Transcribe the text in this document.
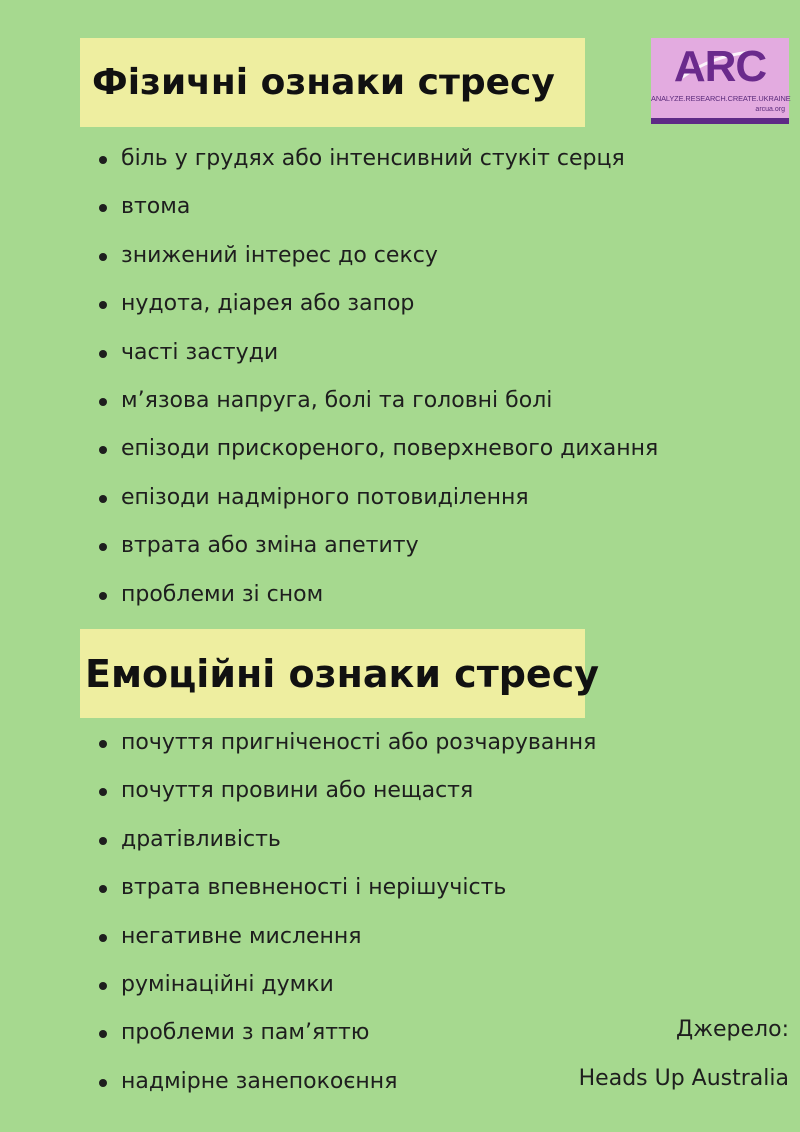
ARC
ANALYZE.RESEARCH.CREATE.UKRAINE
arcua.org
Фізичні ознаки стресу
біль у грудях або інтенсивний стукіт серця
втома
знижений інтерес до сексу
нудота, діарея або запор
часті застуди
м’язова напруга, болі та головні болі
епізоди прискореного, поверхневого дихання
епізоди надмірного потовиділення
втрата або зміна апетиту
проблеми зі сном
Емоційні ознаки стресу
почуття пригніченості або розчарування
почуття провини або нещастя
дратівливість
втрата впевненості і нерішучість
негативне мислення
румінаційні думки
проблеми з пам’яттю
надмірне занепокоєння
Джерело:
Heads Up Australia
